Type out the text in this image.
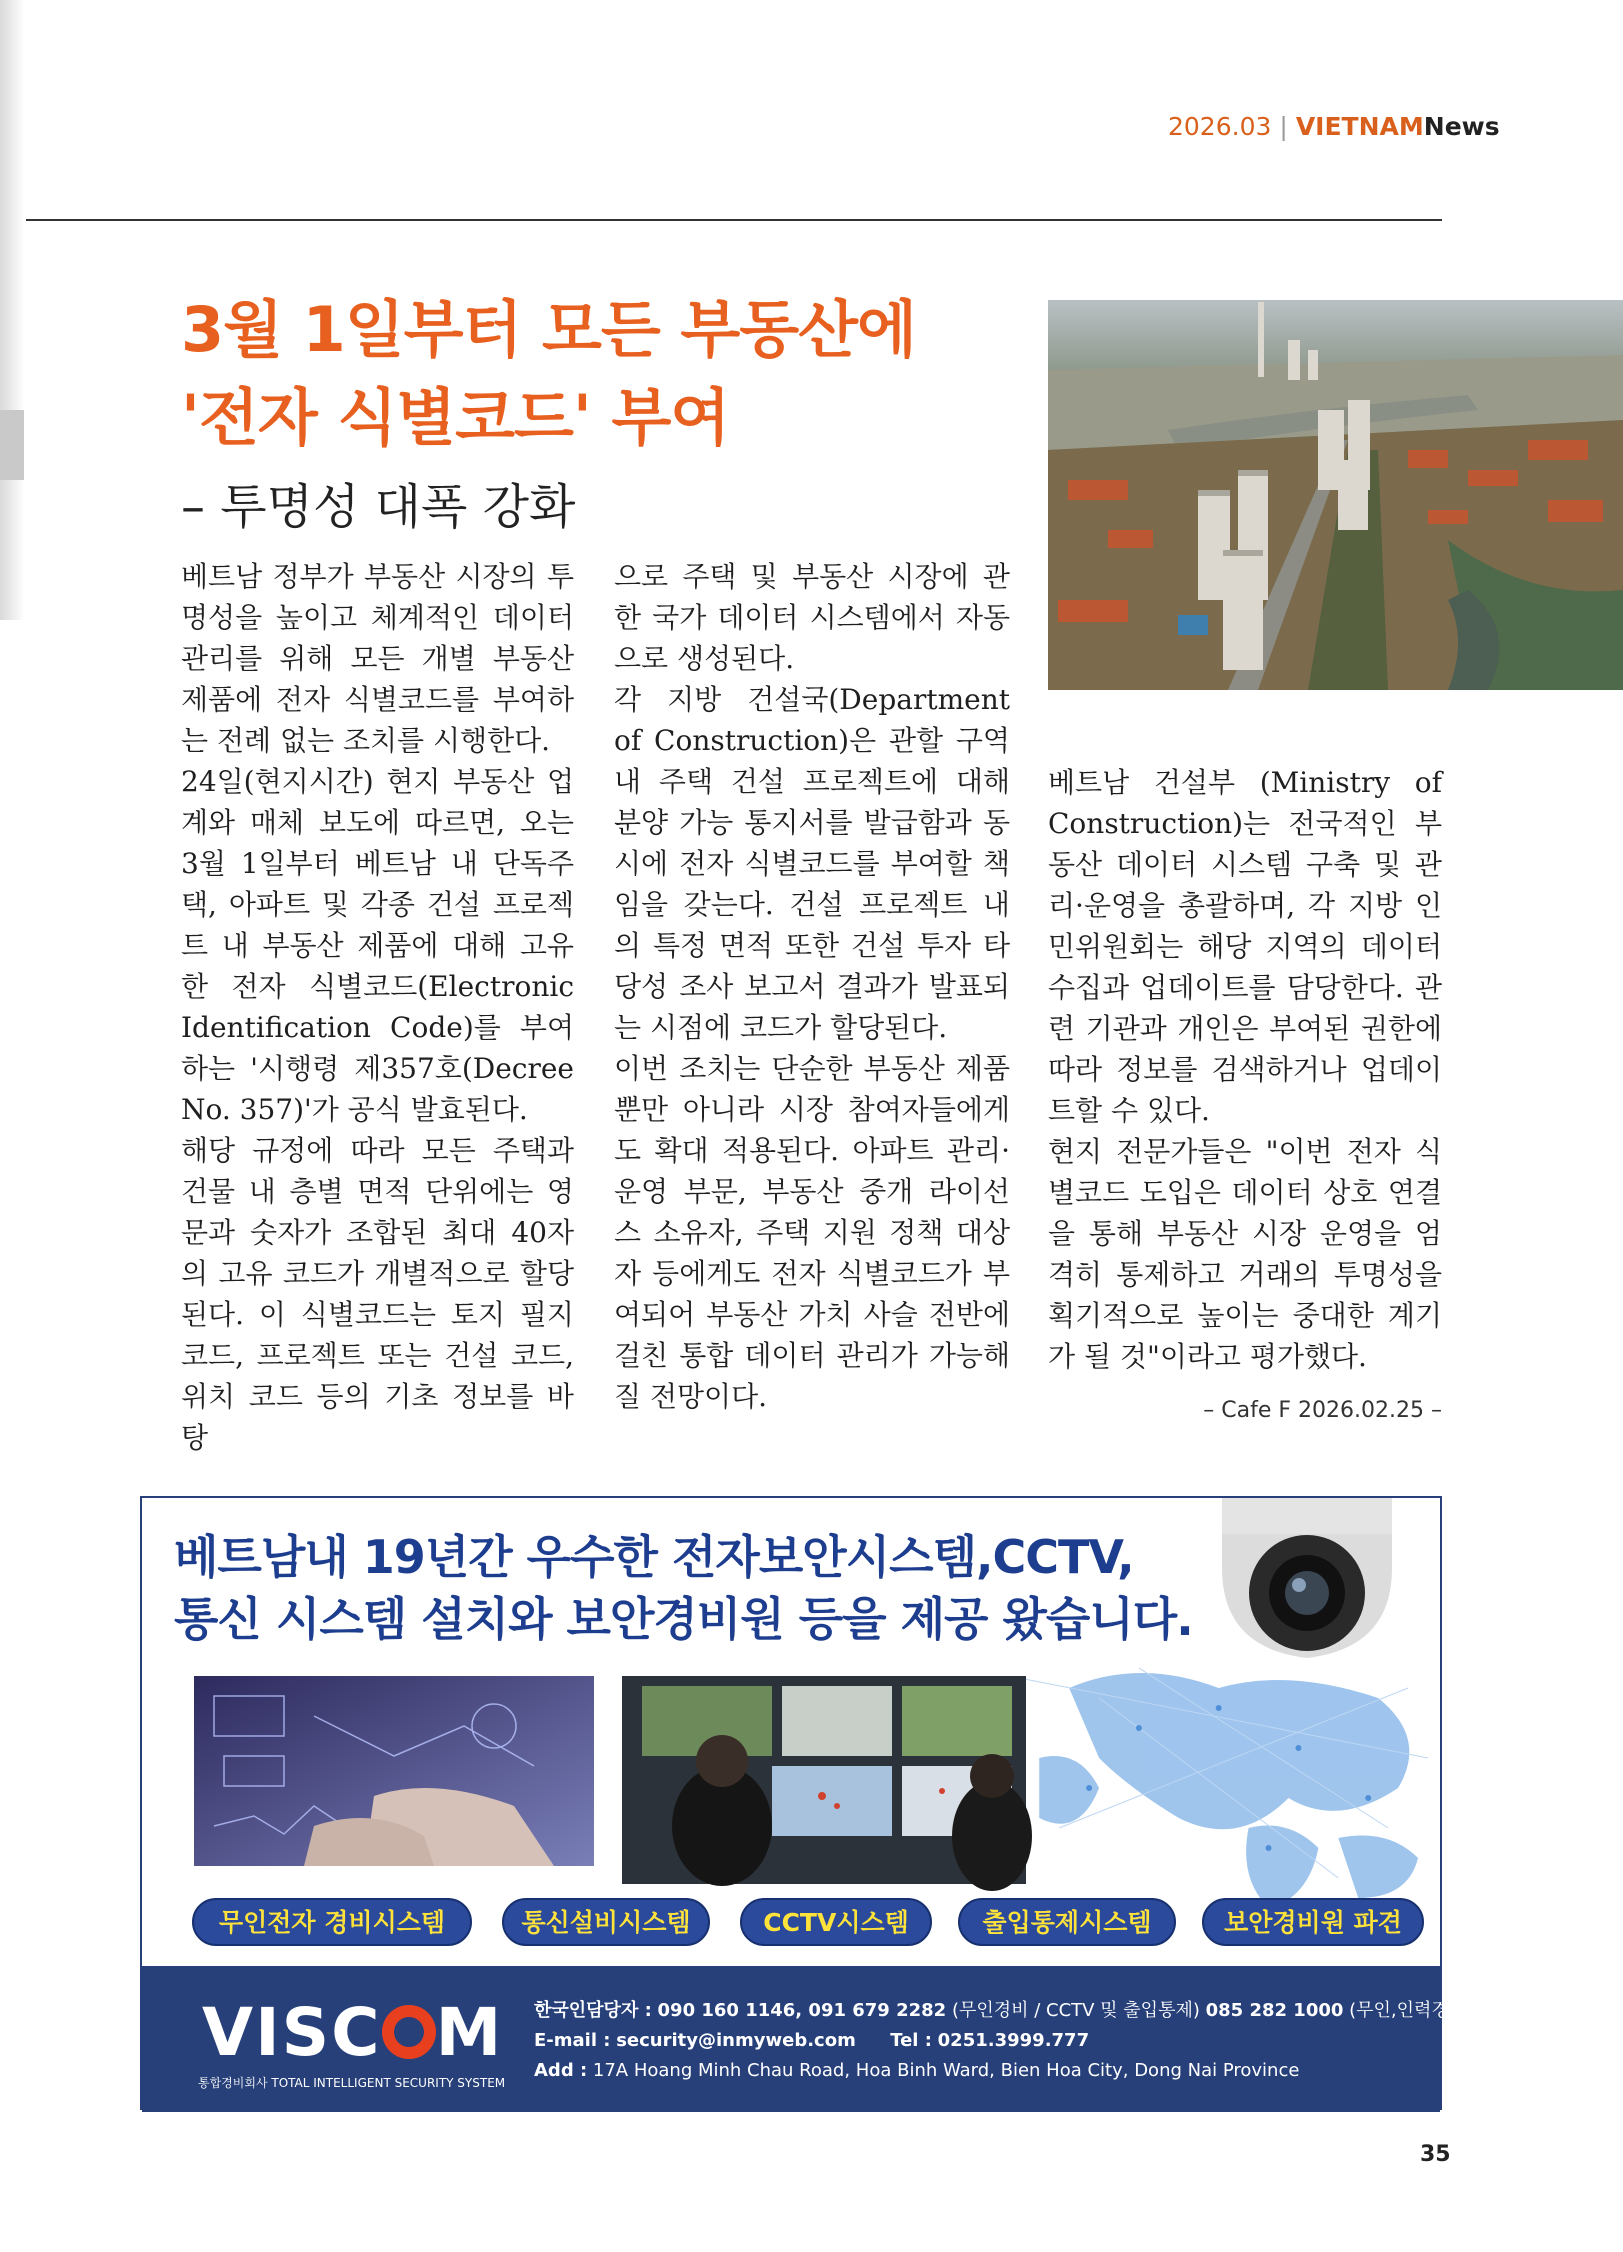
2026.03 | VIETNAMNews
3월 1일부터 모든 부동산에
'전자 식별코드' 부여
– 투명성 대폭 강화

베트남 정부가 부동산 시장의 투명성을 높이고 체계적인 데이터 관리를 위해 모든 개별 부동산 제품에 전자 식별코드를 부여하는 전례 없는 조치를 시행한다.

24일(현지시간) 현지 부동산 업계와 매체 보도에 따르면, 오는 3월 1일부터 베트남 내 단독주택, 아파트 및 각종 건설 프로젝트 내 부동산 제품에 대해 고유한 전자 식별코드(Electronic Identification Code)를 부여하는 '시행령 제357호(Decree No. 357)'가 공식 발효된다.

해당 규정에 따라 모든 주택과 건물 내 층별 면적 단위에는 영문과 숫자가 조합된 최대 40자의 고유 코드가 개별적으로 할당된다. 이 식별코드는 토지 필지 코드, 프로젝트 또는 건설 코드, 위치 코드 등의 기초 정보를 바탕

으로 주택 및 부동산 시장에 관한 국가 데이터 시스템에서 자동으로 생성된다.

각 지방 건설국(Department of Construction)은 관할 구역 내 주택 건설 프로젝트에 대해 분양 가능 통지서를 발급함과 동시에 전자 식별코드를 부여할 책임을 갖는다. 건설 프로젝트 내의 특정 면적 또한 건설 투자 타당성 조사 보고서 결과가 발표되는 시점에 코드가 할당된다.

이번 조치는 단순한 부동산 제품뿐만 아니라 시장 참여자들에게도 확대 적용된다. 아파트 관리·운영 부문, 부동산 중개 라이선스 소유자, 주택 지원 정책 대상자 등에게도 전자 식별코드가 부여되어 부동산 가치 사슬 전반에 걸친 통합 데이터 관리가 가능해질 전망이다.

베트남 건설부 (Ministry of Construction)는 전국적인 부동산 데이터 시스템 구축 및 관리·운영을 총괄하며, 각 지방 인민위원회는 해당 지역의 데이터 수집과 업데이트를 담당한다. 관련 기관과 개인은 부여된 권한에 따라 정보를 검색하거나 업데이트할 수 있다.

현지 전문가들은 "이번 전자 식별코드 도입은 데이터 상호 연결을 통해 부동산 시장 운영을 엄격히 통제하고 거래의 투명성을 획기적으로 높이는 중대한 계기가 될 것"이라고 평가했다.

– Cafe F 2026.02.25 –
베트남내 19년간 우수한 전자보안시스템,CCTV,
통신 시스템 설치와 보안경비원 등을 제공 왔습니다.
무인전자 경비시스템	통신설비시스템	CCTV시스템	출입통제시스템	보안경비원 파견
VISC M
통합경비회사 TOTAL INTELLIGENT SECURITY SYSTEM
한국인담당자 : 090 160 1146, 091 679 2282 (무인경비 / CCTV 및 출입통제) 085 282 1000 (무인,인력경비)
E-mail : security@inmyweb.com Tel : 0251.3999.777
Add : 17A Hoang Minh Chau Road, Hoa Binh Ward, Bien Hoa City, Dong Nai Province
35
